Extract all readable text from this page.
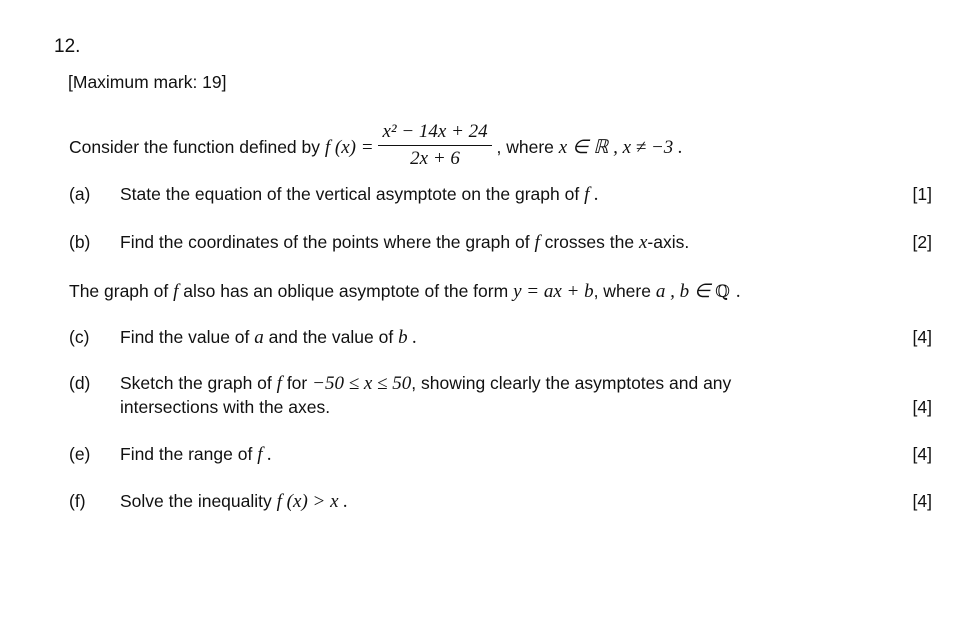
12.
[Maximum mark: 19]
Consider the function defined by f $(x) = \frac{\text{x² − 14x + 24}}{2x + 6}$ , where x ∈ ℝ , x ≠ −3 .
(a) State the equation of the vertical asymptote on the graph of f .	[1]
(b) Find the coordinates of the points where the graph of f crosses the x-axis.	[2]
The graph of f also has an oblique asymptote of the form y = ax + b, where a , b ∈ ℚ .
(c) Find the value of a and the value of b .	[4]
(d) Sketch the graph of f for −50 ≤ x ≤ 50, showing clearly the asymptotes and any
intersections with the axes.	[4]
(e) Find the range of f .	[4]
(f) Solve the inequality f (x) > x .	[4]
